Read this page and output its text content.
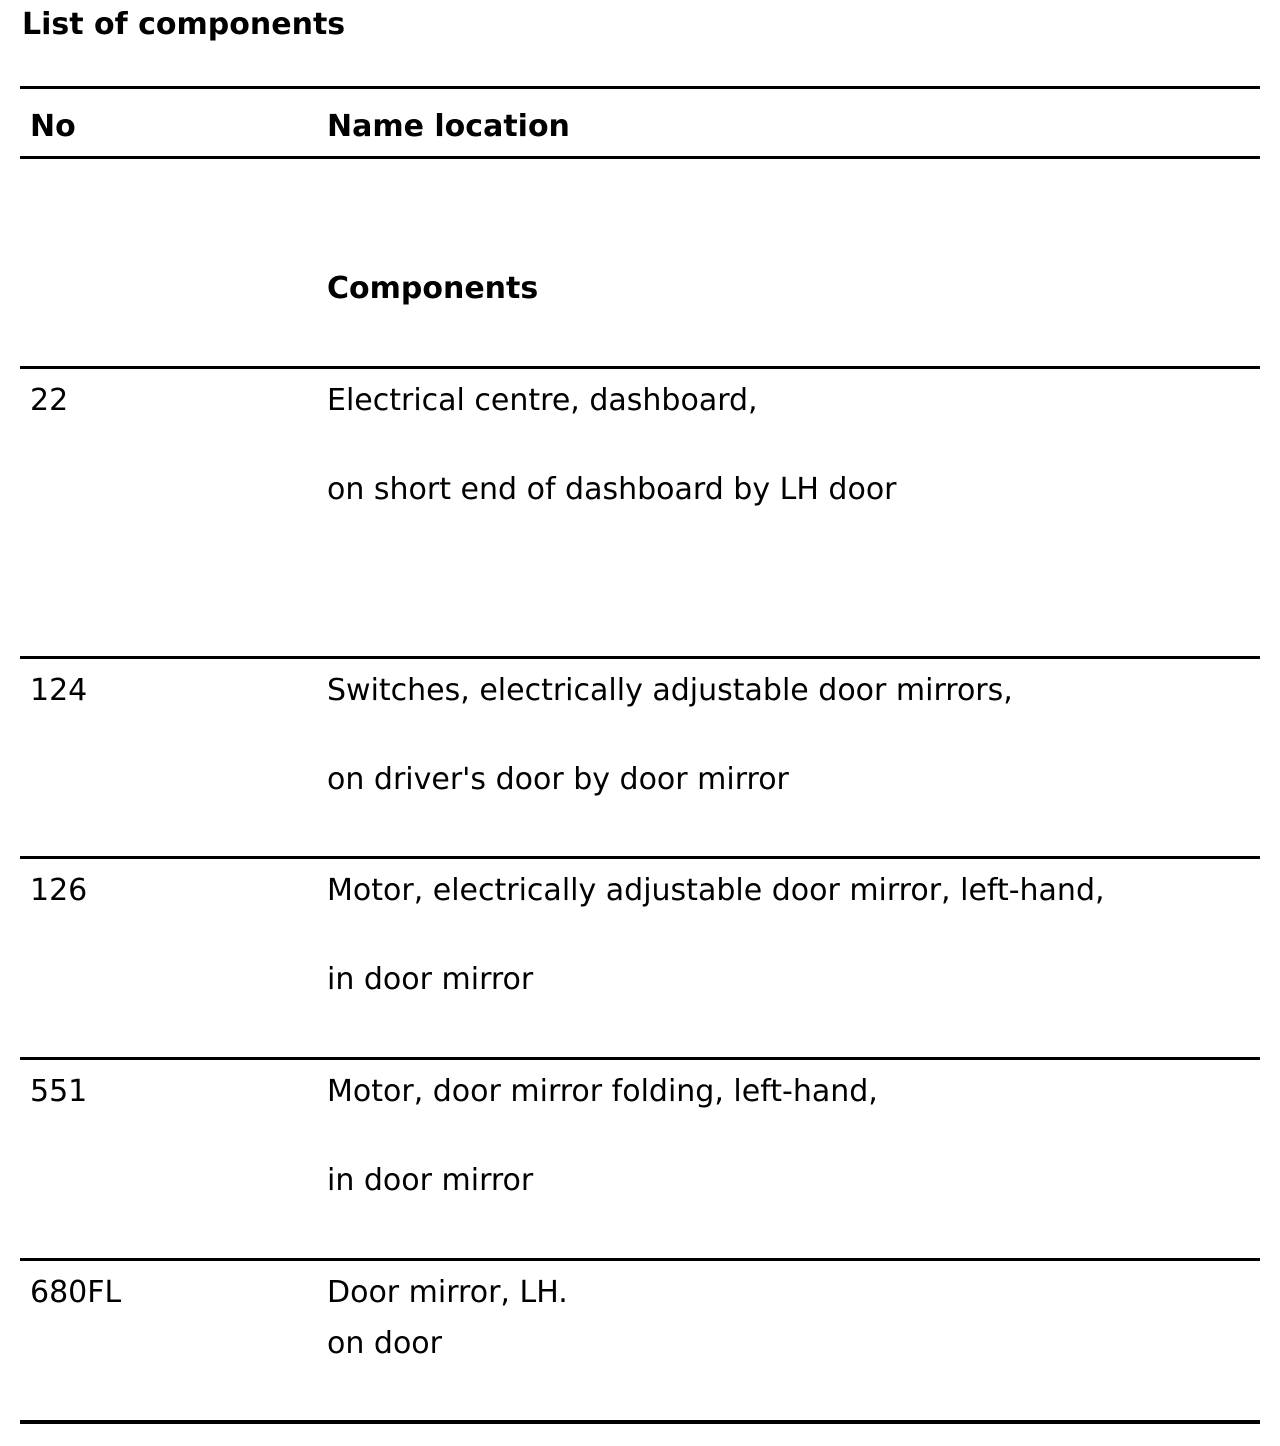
List of components
No	Name location
Components
22	Electrical centre, dashboard,
on short end of dashboard by LH door
124	Switches, electrically adjustable door mirrors,
on driver's door by door mirror
126	Motor, electrically adjustable door mirror, left-hand,
in door mirror
551	Motor, door mirror folding, left-hand,
in door mirror
680FL	Door mirror, LH.
on door
